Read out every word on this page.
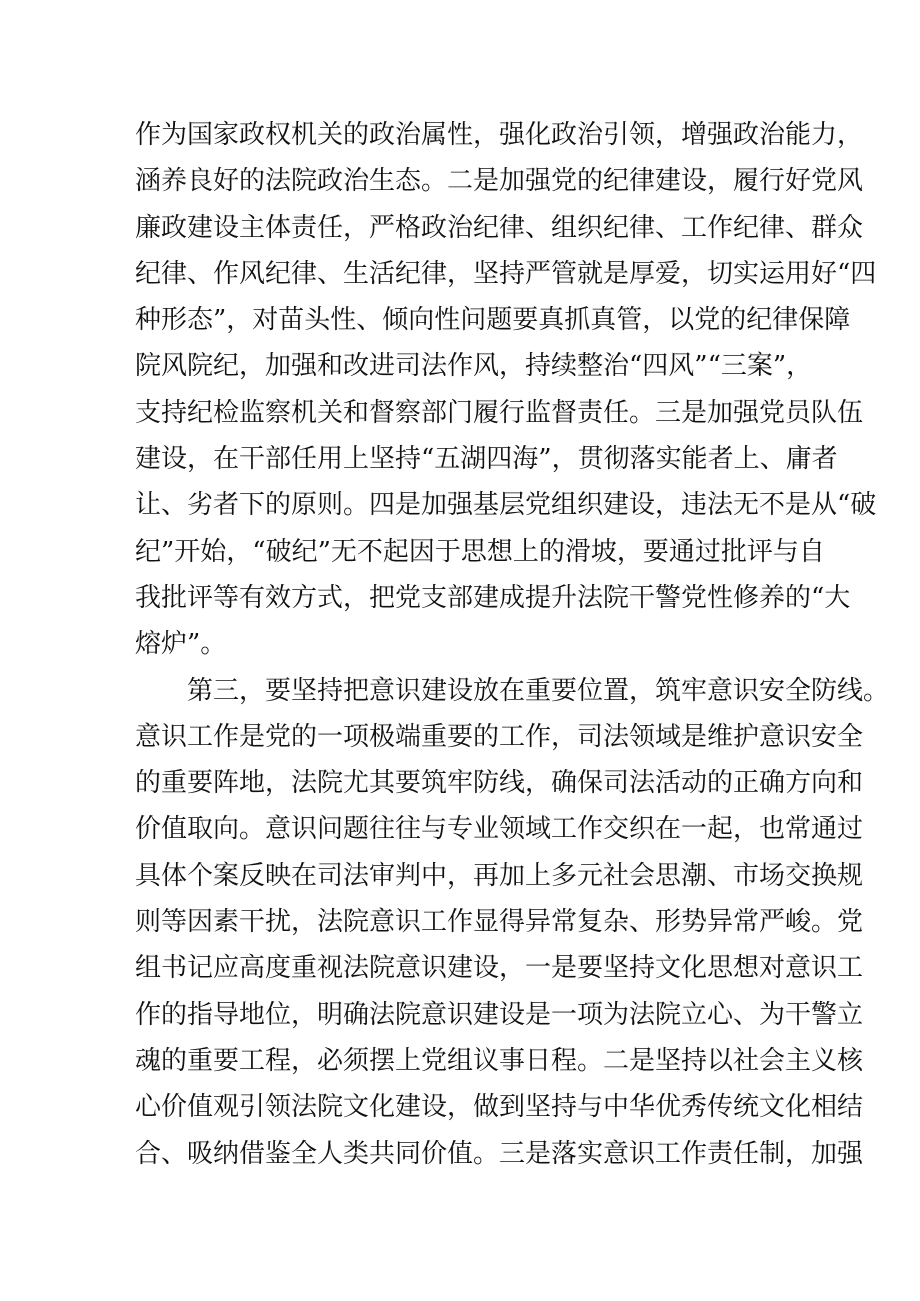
作为国家政权机关的政治属性，强化政治引领，增强政治能力，
涵养良好的法院政治生态。二是加强党的纪律建设，履行好党风
廉政建设主体责任，严格政治纪律、组织纪律、工作纪律、群众
纪律、作风纪律、生活纪律，坚持严管就是厚爱，切实运用好“四
种形态”，对苗头性、倾向性问题要真抓真管，以党的纪律保障
院风院纪，加强和改进司法作风，持续整治“四风”“三案”，
支持纪检监察机关和督察部门履行监督责任。三是加强党员队伍
建设，在干部任用上坚持“五湖四海”，贯彻落实能者上、庸者
让、劣者下的原则。四是加强基层党组织建设，违法无不是从“破
纪”开始，“破纪”无不起因于思想上的滑坡，要通过批评与自
我批评等有效方式，把党支部建成提升法院干警党性修养的“大
熔炉”。
第三，要坚持把意识建设放在重要位置，筑牢意识安全防线。
意识工作是党的一项极端重要的工作，司法领域是维护意识安全
的重要阵地，法院尤其要筑牢防线，确保司法活动的正确方向和
价值取向。意识问题往往与专业领域工作交织在一起，也常通过
具体个案反映在司法审判中，再加上多元社会思潮、市场交换规
则等因素干扰，法院意识工作显得异常复杂、形势异常严峻。党
组书记应高度重视法院意识建设，一是要坚持文化思想对意识工
作的指导地位，明确法院意识建设是一项为法院立心、为干警立
魂的重要工程，必须摆上党组议事日程。二是坚持以社会主义核
心价值观引领法院文化建设，做到坚持与中华优秀传统文化相结
合、吸纳借鉴全人类共同价值。三是落实意识工作责任制，加强
